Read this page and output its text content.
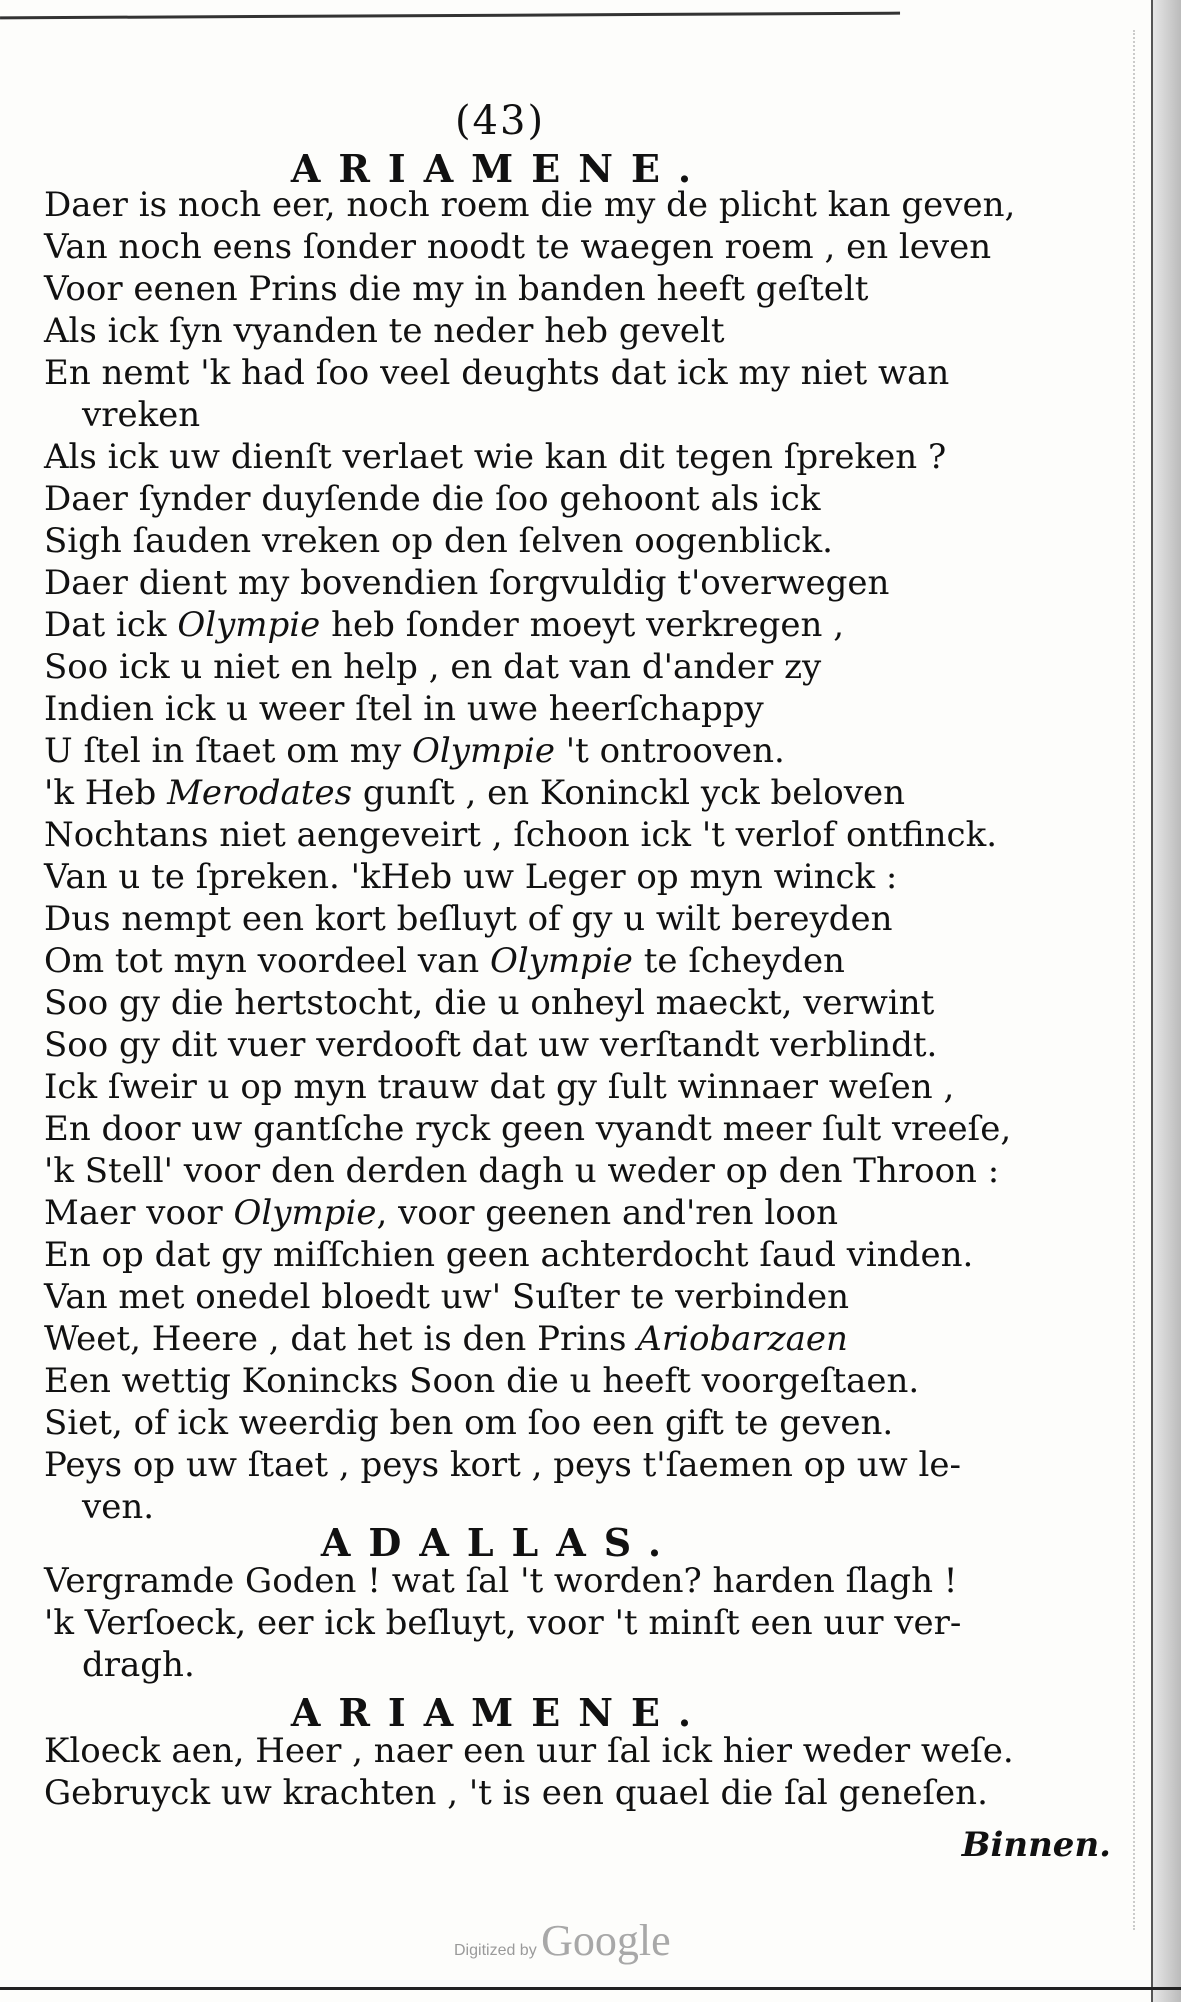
(43)
ARIAMENE.
Daer is noch eer, noch roem die my de plicht kan geven,
Van noch eens ſonder noodt te waegen roem , en leven
Voor eenen Prins die my in banden heeft geſtelt
Als ick ſyn vyanden te neder heb gevelt
En nemt 'k had ſoo veel deughts dat ick my niet wan
vreken
Als ick uw dienſt verlaet wie kan dit tegen ſpreken ?
Daer ſynder duyſende die ſoo gehoont als ick
Sigh ſauden vreken op den ſelven oogenblick.
Daer dient my bovendien ſorgvuldig t'overwegen
Dat ick Olympie heb ſonder moeyt verkregen ,
Soo ick u niet en help , en dat van d'ander zy
Indien ick u weer ſtel in uwe heerſchappy
U ſtel in ſtaet om my Olympie 't ontrooven.
'k Heb Merodates gunſt , en Koninckl yck beloven
Nochtans niet aengeveirt , ſchoon ick 't verlof ontfinck.
Van u te ſpreken. 'kHeb uw Leger op myn winck :
Dus nempt een kort beſluyt of gy u wilt bereyden
Om tot myn voordeel van Olympie te ſcheyden
Soo gy die hertstocht, die u onheyl maeckt, verwint
Soo gy dit vuer verdooft dat uw verſtandt verblindt.
Ick ſweir u op myn trauw dat gy ſult winnaer weſen ,
En door uw gantſche ryck geen vyandt meer ſult vreeſe,
'k Stell' voor den derden dagh u weder op den Throon :
Maer voor Olympie, voor geenen and'ren loon
En op dat gy miſſchien geen achterdocht ſaud vinden.
Van met onedel bloedt uw' Suſter te verbinden
Weet, Heere , dat het is den Prins Ariobarzaen
Een wettig Konincks Soon die u heeft voorgeſtaen.
Siet, of ick weerdig ben om ſoo een gift te geven.
Peys op uw ſtaet , peys kort , peys t'ſaemen op uw le-
ven.
ADALLAS.
Vergramde Goden ! wat ſal 't worden? harden ſlagh !
'k Verſoeck, eer ick beſluyt, voor 't minſt een uur ver-
dragh.
ARIAMENE.
Kloeck aen, Heer , naer een uur ſal ick hier weder weſe.
Gebruyck uw krachten , 't is een quael die ſal geneſen.
Binnen.
Digitized by Google
